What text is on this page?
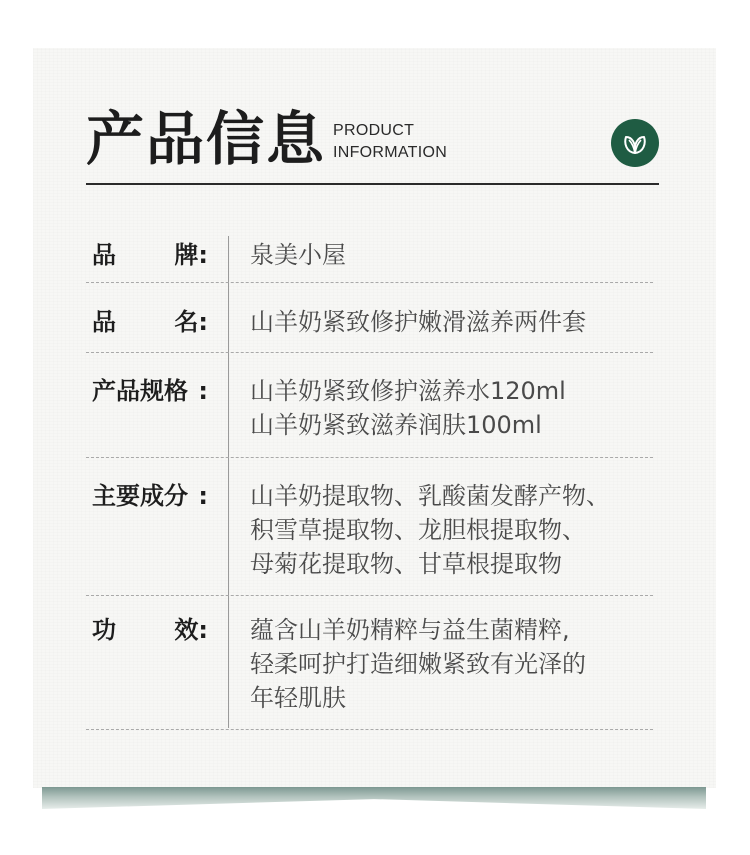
产品信息 PRODUCT
INFORMATION
品 牌: 泉美小屋
品 名: 山羊奶紧致修护嫩滑滋养两件套
产品规格 : 山羊奶紧致修护滋养水120ml
山羊奶紧致滋养润肤100ml
主要成分 : 山羊奶提取物、乳酸菌发酵产物、
积雪草提取物、龙胆根提取物、
母菊花提取物、甘草根提取物
功 效: 蕴含山羊奶精粹与益生菌精粹,
轻柔呵护打造细嫩紧致有光泽的
年轻肌肤
